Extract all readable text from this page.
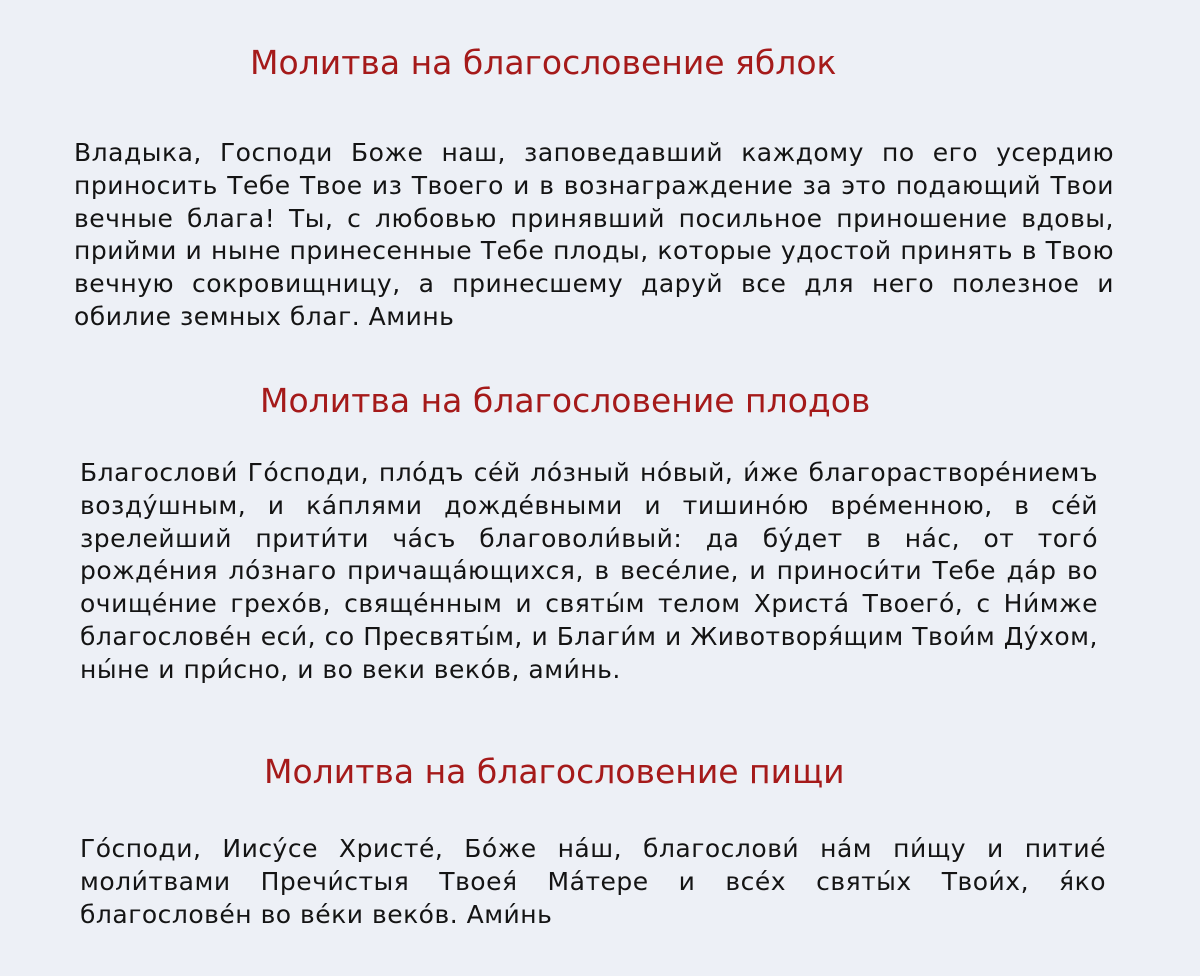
Молитва на благословение яблок

Владыка, Господи Боже наш, заповедавший каждому по его усердию приносить Тебе Твое из Твоего и в вознаграждение за это подающий Твои вечные блага! Ты, с любовью принявший посильное приношение вдовы, прийми и ныне принесенные Тебе плоды, которые удостой принять в Твою вечную сокровищницу, а принесшему даруй все для него полезное и обилие земных благ. Аминь

Молитва на благословение плодов

Благослови́ Го́споди, пло́дъ се́й ло́зный но́вый, и́же благорастворе́ниемъ возду́шным, и ка́плями дожде́вными и тишино́ю вре́менною, в се́й зрелейший прити́ти ча́съ благоволи́вый: да бу́дет в на́с, от того́ рожде́ния ло́знаго причаща́ющихся, в весе́лие, и приноси́ти Тебе да́р во очище́ние грехо́в, свяще́нным и святы́м телом Христа́ Твоего́, с Ни́мже благослове́н еси́, со Пресвяты́м, и Благи́м и Животворя́щим Твои́м Ду́хом, ны́не и при́сно, и во веки веко́в, ами́нь.

Молитва на благословение пищи

Го́споди, Иису́се Христе́, Бо́же на́ш, благослови́ на́м пи́щу и питие́ моли́твами Пречи́стыя Твоея́ Ма́тере и все́х святы́х Твои́х, я́ко благослове́н во ве́ки веко́в. Ами́нь
